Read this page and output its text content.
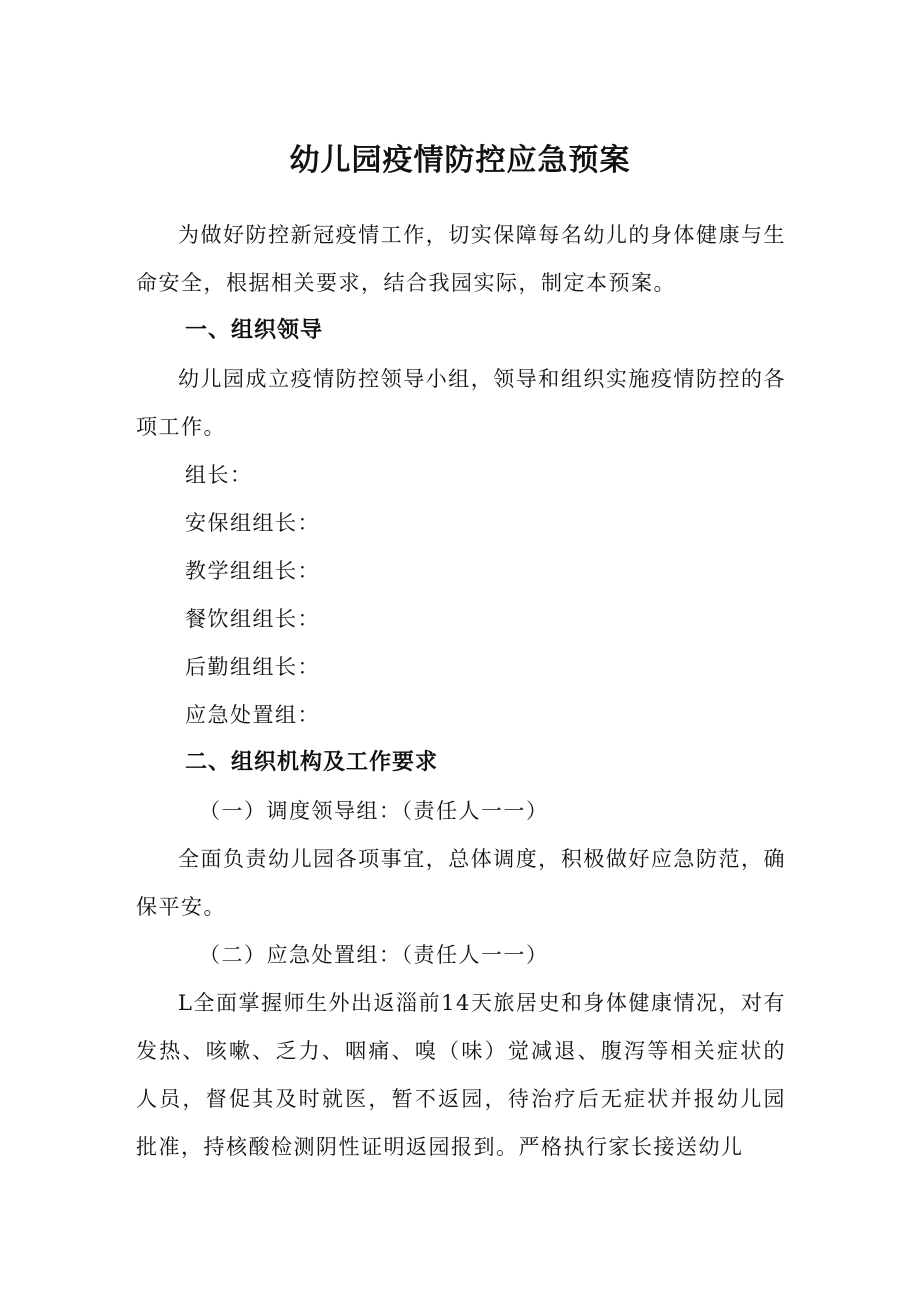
幼儿园疫情防控应急预案

为做好防控新冠疫情工作，切实保障每名幼儿的身体健康与生命安全，根据相关要求，结合我园实际，制定本预案。

一、组织领导

幼儿园成立疫情防控领导小组，领导和组织实施疫情防控的各项工作。

组长：

安保组组长：

教学组组长：

餐饮组组长：

后勤组组长：

应急处置组：

二、组织机构及工作要求

（一）调度领导组：（责任人一一）

全面负责幼儿园各项事宜，总体调度，积极做好应急防范，确保平安。

（二）应急处置组：（责任人一一）

L全面掌握师生外出返淄前14天旅居史和身体健康情况，对有发热、咳嗽、乏力、咽痛、嗅（味）觉减退、腹泻等相关症状的人员，督促其及时就医，暂不返园，待治疗后无症状并报幼儿园批准，持核酸检测阴性证明返园报到。严格执行家长接送幼儿
